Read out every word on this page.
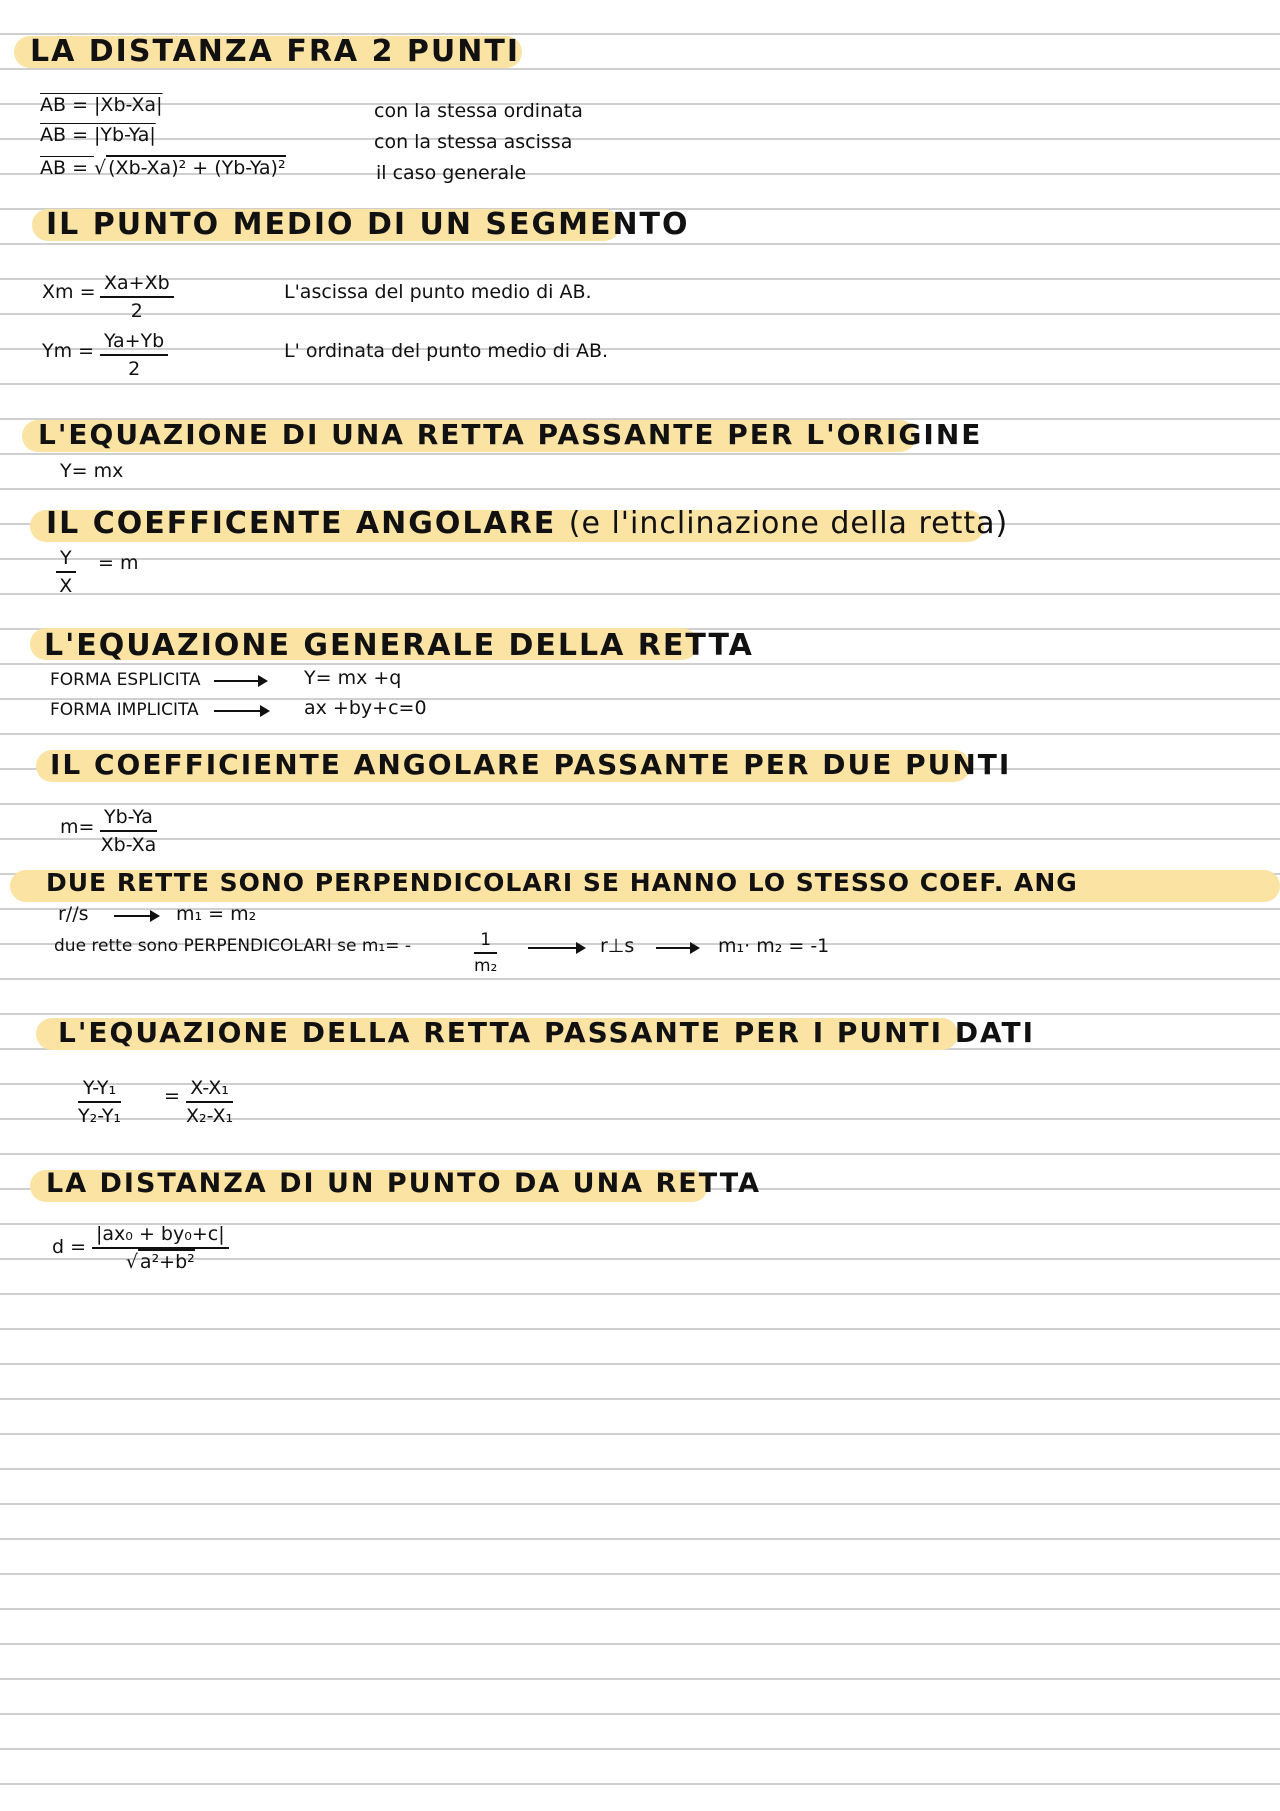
LA DISTANZA FRA 2 PUNTI
AB = |Xb-Xa|	con la stessa ordinata
AB = |Yb-Ya|	con la stessa ascissa
AB = √ (Xb-Xa)² + (Yb-Ya)²	il caso generale
IL PUNTO MEDIO DI UN SEGMENTO
$Xm = \frac{Xa+Xb}{2}$	L'ascissa del punto medio di AB.
$Ym = \frac{Ya+Yb}{2}$	L' ordinata del punto medio di AB.
L'EQUAZIONE DI UNA RETTA PASSANTE PER L'ORIGINE
Y= mx
IL COEFFICENTE ANGOLARE (e l'inclinazione della retta)
$\frac{Y}{X} = m$
L'EQUAZIONE GENERALE DELLA RETTA
FORMA ESPLICITA	Y= mx +q
FORMA IMPLICITA	ax +by+c=0
IL COEFFICIENTE ANGOLARE PASSANTE PER DUE PUNTI
$m= \frac{Yb-Ya}{Xb-Xa}$
DUE RETTE SONO PERPENDICOLARI SE HANNO LO STESSO COEF. ANG
r//s	m₁ = m₂
due rette sono PERPENDICOLARI se m₁= -	$\frac{1}{\text{m₂}}$	r⊥s	m₁· m₂ = -1
L'EQUAZIONE DELLA RETTA PASSANTE PER I PUNTI DATI
$\frac{\text{Y-Y₁}}{\text{Y₂-Y₁}} = \frac{\text{X-X₁}}{\text{X₂-X₁}}$
LA DISTANZA DI UN PUNTO DA UNA RETTA
$d = \frac{\text{|ax₀ + by₀+c|}}{\text{√ a²+b²}}$
